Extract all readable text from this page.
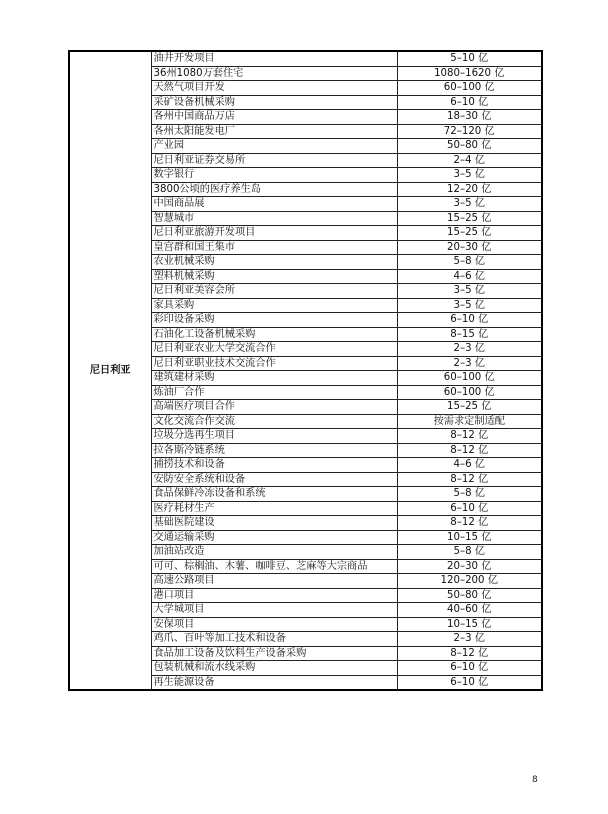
尼日利亚	油井开发项目	5–10 亿
	36州1080万套住宅	1080–1620 亿
	天然气项目开发	60–100 亿
	采矿设备机械采购	6–10 亿
	各州中国商品万店	18–30 亿
	各州太阳能发电厂	72–120 亿
	产业园	50–80 亿
	尼日利亚证券交易所	2–4 亿
	数字银行	3–5 亿
	3800公顷的医疗养生岛	12–20 亿
	中国商品展	3–5 亿
	智慧城市	15–25 亿
	尼日利亚旅游开发项目	15–25 亿
	皇宫群和国王集市	20–30 亿
	农业机械采购	5–8 亿
	塑料机械采购	4–6 亿
	尼日利亚美容会所	3–5 亿
	家具采购	3–5 亿
	彩印设备采购	6–10 亿
	石油化工设备机械采购	8–15 亿
	尼日利亚农业大学交流合作	2–3 亿
	尼日利亚职业技术交流合作	2–3 亿
	建筑建材采购	60–100 亿
	炼油厂合作	60–100 亿
	高端医疗项目合作	15–25 亿
	文化交流合作交流	按需求定制适配
	垃圾分选再生项目	8–12 亿
	拉各斯冷链系统	8–12 亿
	捕捞技术和设备	4–6 亿
	安防安全系统和设备	8–12 亿
	食品保鲜冷冻设备和系统	5–8 亿
	医疗耗材生产	6–10 亿
	基础医院建设	8–12 亿
	交通运输采购	10–15 亿
	加油站改造	5–8 亿
	可可、棕榈油、木薯、咖啡豆、芝麻等大宗商品	20–30 亿
	高速公路项目	120–200 亿
	港口项目	50–80 亿
	大学城项目	40–60 亿
	安保项目	10–15 亿
	鸡爪、百叶等加工技术和设备	2–3 亿
	食品加工设备及饮料生产设备采购	8–12 亿
	包装机械和流水线采购	6–10 亿
	再生能源设备	6–10 亿
8
